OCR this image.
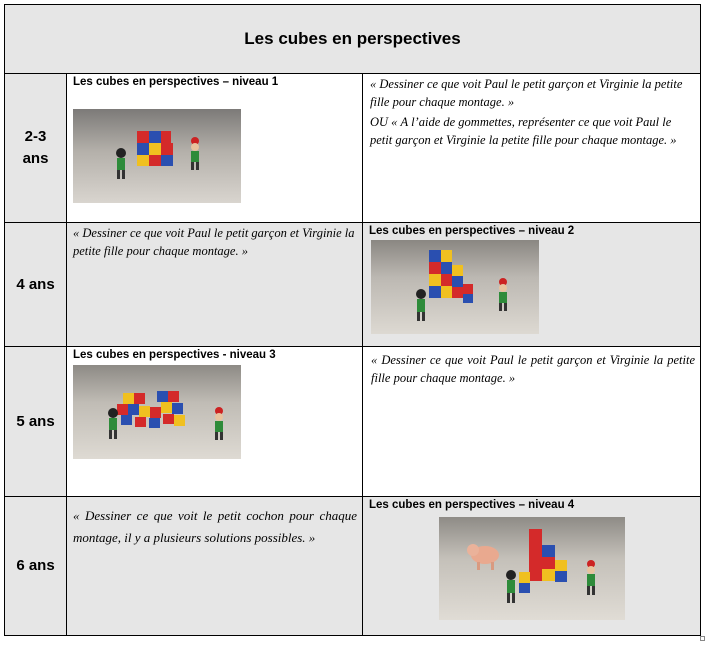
Les cubes en perspectives
2-3 ans
Les cubes en perspectives – niveau 1	« Dessiner ce que voit Paul le petit garçon et Virginie la petite fille pour chaque montage. »

OU « A l’aide de gommettes, représenter ce que voit Paul le petit garçon et Virginie la petite fille pour chaque montage. »

4 ans
« Dessiner ce que voit Paul le petit garçon et Virginie la petite fille pour chaque montage. »
Les cubes en perspectives – niveau 2
5 ans
Les cubes en perspectives - niveau 3	« Dessiner ce que voit Paul le petit garçon et Virginie la petite fille pour chaque montage. »
6 ans
« Dessiner ce que voit le petit cochon pour chaque montage, il y a plusieurs solutions possibles. »
Les cubes en perspectives – niveau 4
